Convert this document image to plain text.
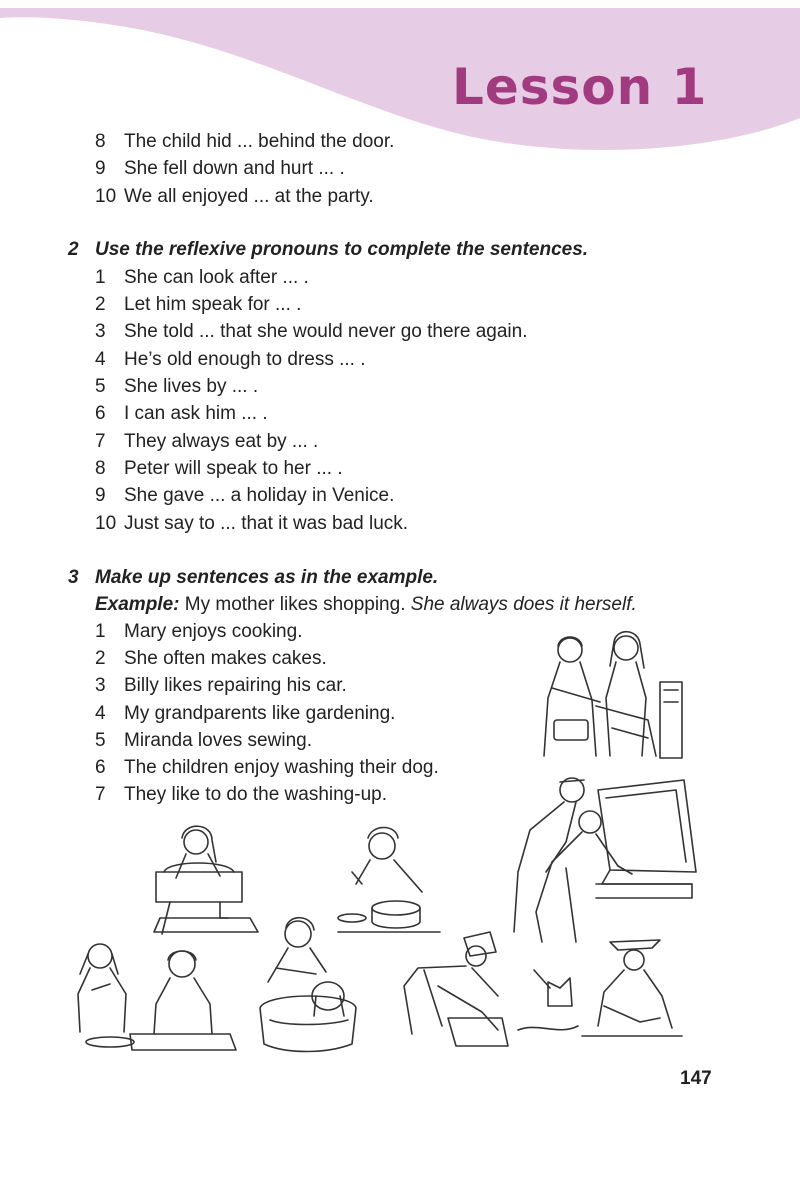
Lesson 1
8 The child hid ... behind the door.
9 She fell down and hurt ... .
10 We all enjoyed ... at the party.
2 Use the reflexive pronouns to complete the sentences.
1 She can look after ... .
2 Let him speak for ... .
3 She told ... that she would never go there again.
4 He’s old enough to dress ... .
5 She lives by ... .
6 I can ask him ... .
7 They always eat by ... .
8 Peter will speak to her ... .
9 She gave ... a holiday in Venice.
10 Just say to ... that it was bad luck.
3 Make up sentences as in the example.
Example: My mother likes shopping. She always does it herself.
1 Mary enjoys cooking.
2 She often makes cakes.
3 Billy likes repairing his car.
4 My grandparents like gardening.
5 Miranda loves sewing.
6 The children enjoy washing their dog.
7 They like to do the washing-up.
147
